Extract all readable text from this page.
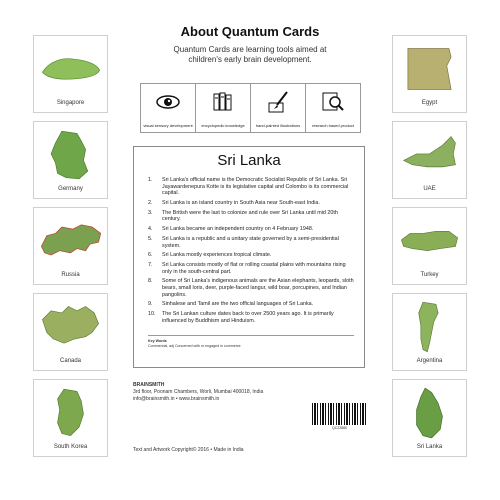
About Quantum Cards
Quantum Cards are learning tools aimed at
children's early brain development.
visual sensory development	encyclopedic knowledge	hand-painted illustrations	research based product
Singapore
Germany
Russia
Canada
South Korea
Egypt
UAE
Turkey
Argentina
Sri Lanka
Sri Lanka
1. Sri Lanka's official name is the Democratic Socialist Republic of Sri Lanka. Sri Jayawardenepura Kotte is its legislative capital and Colombo is its commercial capital.
2. Sri Lanka is an island country in South Asia near South-east India.
3. The British were the last to colonize and rule over Sri Lanka until mid 20th century.
4. Sri Lanka became an independent country on 4 February 1948.
5. Sri Lanka is a republic and a unitary state governed by a semi-presidential system.
6. Sri Lanka mostly experiences tropical climate.
7. Sri Lanka consists mostly of flat or rolling coastal plains with mountains rising only in the south-central part.
8. Some of Sri Lanka's indigenous animals are the Asian elephants, leopards, sloth bears, small loris, deer, purple-faced langur, wild boar, porcupines, and Indian pangolins.
9. Sinhalese and Tamil are the two official languages of Sri Lanka.
10. The Sri Lankan culture dates back to over 2500 years ago. It is primarily influenced by Buddhism and Hinduism.
Key Words
Commercial, adj Concerned with or engaged in commerce
BRAINSMITH
3rd floor, Poonam Chambers, Worli, Mumbai 400018, India
info@brainsmith.in • www.brainsmith.in
Text and Artwork Copyright© 2016 • Made in India
QC22880
